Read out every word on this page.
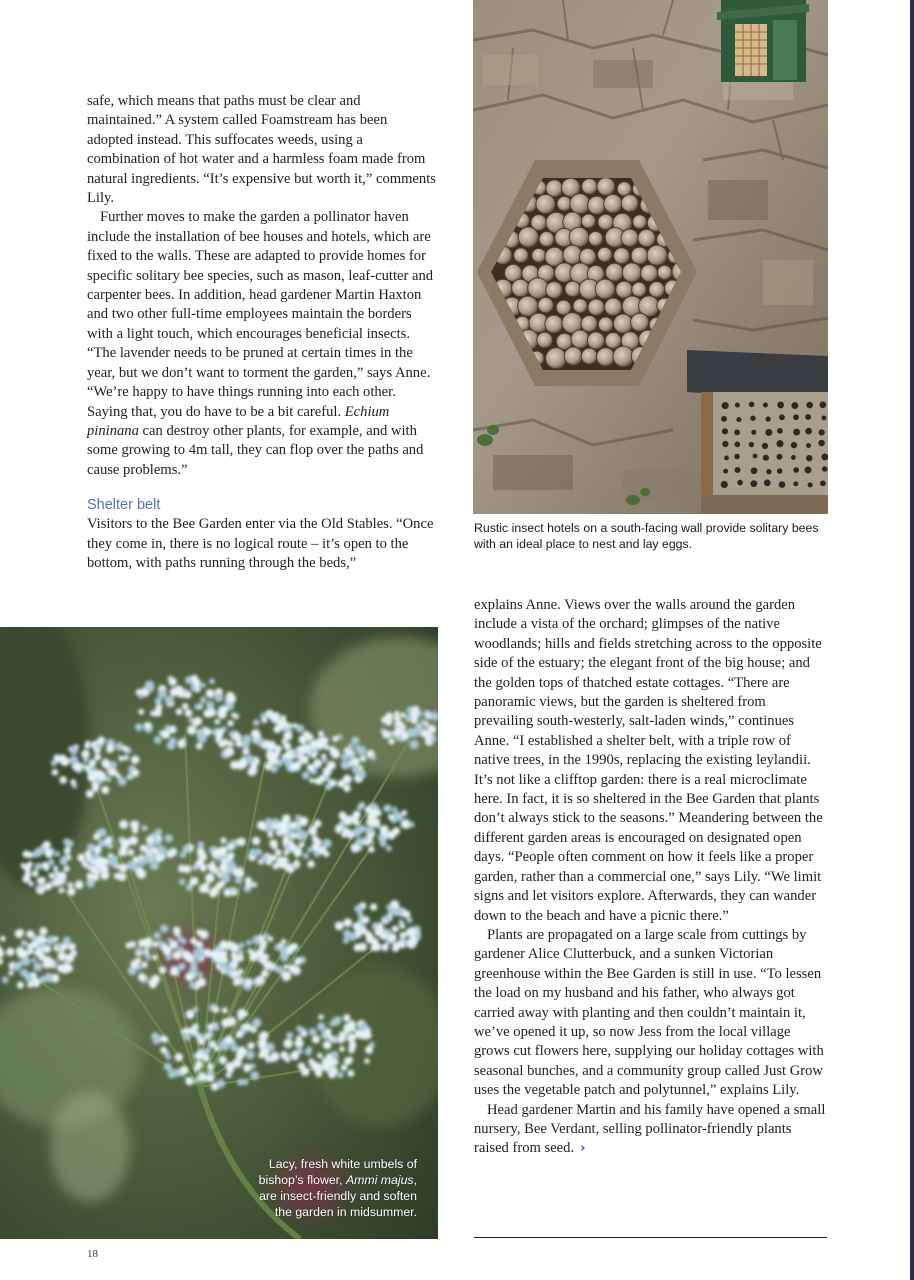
Rustic insect hotels on a south-facing wall provide solitary bees with an ideal place to nest and lay eggs.
Lacy, fresh white umbels of bishop’s flower, Ammi majus, are insect-friendly and soften the garden in midsummer.

safe, which means that paths must be clear and maintained.” A system called Foamstream has been adopted instead. This suffocates weeds, using a combination of hot water and a harmless foam made from natural ingredients. “It’s expensive but worth it,” comments Lily.

Further moves to make the garden a pollinator haven include the installation of bee houses and hotels, which are fixed to the walls. These are adapted to provide homes for specific solitary bee species, such as mason, leaf-cutter and carpenter bees. In addition, head gardener Martin Haxton and two other full-time employees maintain the borders with a light touch, which encourages beneficial insects. “The lavender needs to be pruned at certain times in the year, but we don’t want to torment the garden,” says Anne. “We’re happy to have things running into each other. Saying that, you do have to be a bit careful. Echium pininana can destroy other plants, for example, and with some growing to 4m tall, they can flop over the paths and cause problems.”

Shelter belt

Visitors to the Bee Garden enter via the Old Stables. “Once they come in, there is no logical route – it’s open to the bottom, with paths running through the beds,”

explains Anne. Views over the walls around the garden include a vista of the orchard; glimpses of the native woodlands; hills and fields stretching across to the opposite side of the estuary; the elegant front of the big house; and the golden tops of thatched estate cottages. “There are panoramic views, but the garden is sheltered from prevailing south-westerly, salt-laden winds,” continues Anne. “I established a shelter belt, with a triple row of native trees, in the 1990s, replacing the existing leylandii. It’s not like a clifftop garden: there is a real microclimate here. In fact, it is so sheltered in the Bee Garden that plants don’t always stick to the seasons.” Meandering between the different garden areas is encouraged on designated open days. “People often comment on how it feels like a proper garden, rather than a commercial one,” says Lily. “We limit signs and let visitors explore. Afterwards, they can wander down to the beach and have a picnic there.”

Plants are propagated on a large scale from cuttings by gardener Alice Clutterbuck, and a sunken Victorian greenhouse within the Bee Garden is still in use. “To lessen the load on my husband and his father, who always got carried away with planting and then couldn’t maintain it, we’ve opened it up, so now Jess from the local village grows cut flowers here, supplying our holiday cottages with seasonal bunches, and a community group called Just Grow uses the vegetable patch and polytunnel,” explains Lily.

Head gardener Martin and his family have opened a small nursery, Bee Verdant, selling pollinator-friendly plants raised from seed. ›

18
